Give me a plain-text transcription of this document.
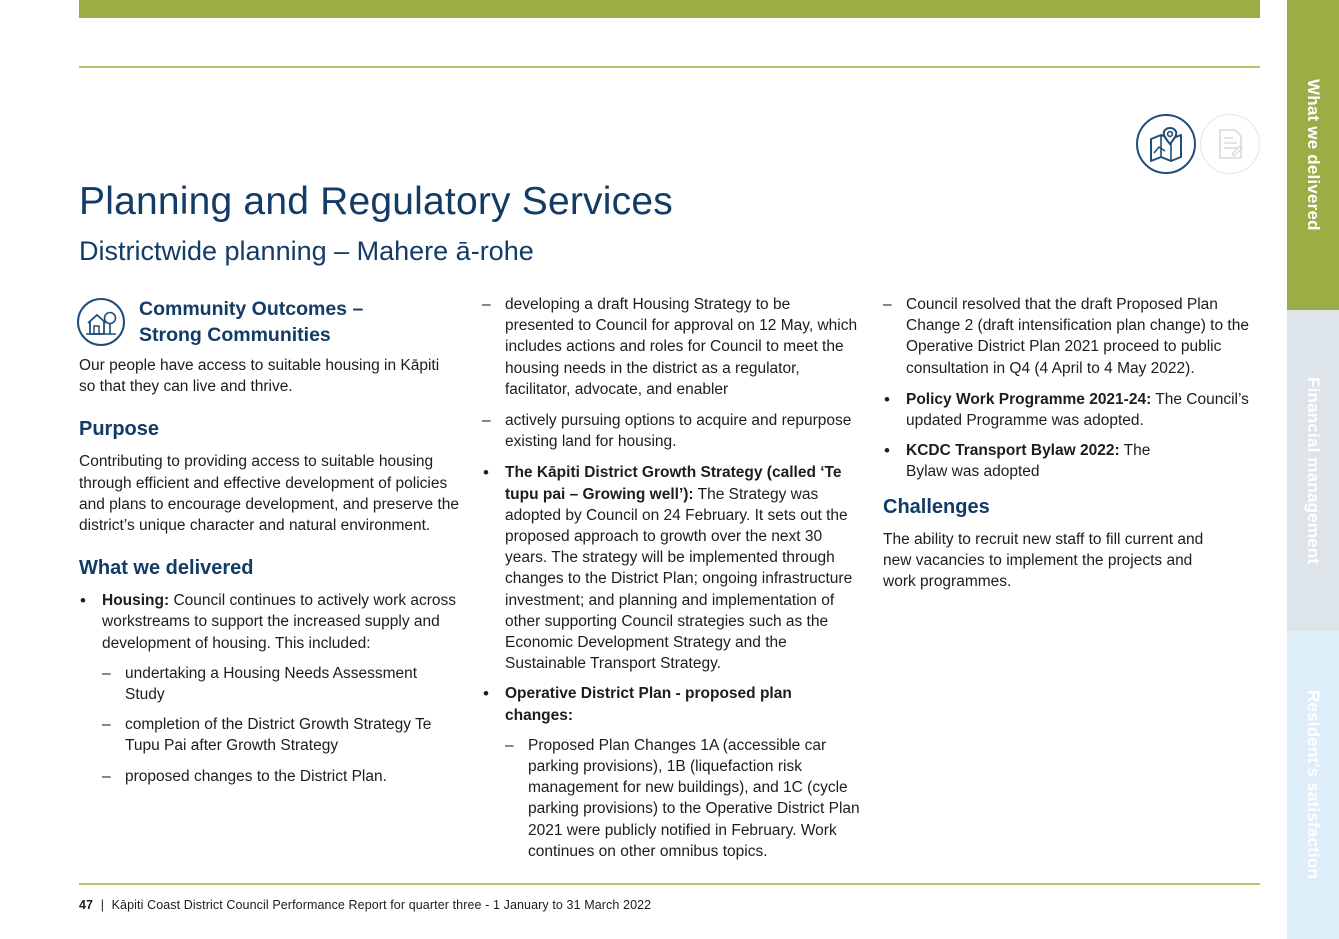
What we delivered
Financial management
Resident’s satisfaction
Planning and Regulatory Services
Districtwide planning – Mahere ā-rohe
Community Outcomes –
Strong Communities

Our people have access to suitable housing in Kāpiti so that they can live and thrive.

Purpose

Contributing to providing access to suitable housing through efficient and effective development of policies and plans to encourage development, and preserve the district’s unique character and natural environment.

What we delivered
• Housing: Council continues to actively work across workstreams to support the increased supply and development of housing. This included:
– undertaking a Housing Needs Assessment Study
– completion of the District Growth Strategy Te Tupu Pai after Growth Strategy
– proposed changes to the District Plan.
– developing a draft Housing Strategy to be presented to Council for approval on 12 May, which includes actions and roles for Council to meet the housing needs in the district as a regulator, facilitator, advocate, and enabler
– actively pursuing options to acquire and repurpose existing land for housing.
• The Kāpiti District Growth Strategy (called ‘Te tupu pai – Growing well’): The Strategy was adopted by Council on 24 February. It sets out the proposed approach to growth over the next 30 years. The strategy will be implemented through changes to the District Plan; ongoing infrastructure investment; and planning and implementation of other supporting Council strategies such as the Economic Development Strategy and the Sustainable Transport Strategy.
• Operative District Plan - proposed plan changes:
– Proposed Plan Changes 1A (accessible car parking provisions), 1B (liquefaction risk management for new buildings), and 1C (cycle parking provisions) to the Operative District Plan 2021 were publicly notified in February. Work continues on other omnibus topics.
– Council resolved that the draft Proposed Plan Change 2 (draft intensification plan change) to the Operative District Plan 2021 proceed to public consultation in Q4 (4 April to 4 May 2022).
• Policy Work Programme 2021-24: The Council’s updated Programme was adopted.
• KCDC Transport Bylaw 2022: The Bylaw was adopted
Challenges

The ability to recruit new staff to fill current and new vacancies to implement the projects and work programmes.

47 | Kāpiti Coast District Council Performance Report for quarter three - 1 January to 31 March 2022
